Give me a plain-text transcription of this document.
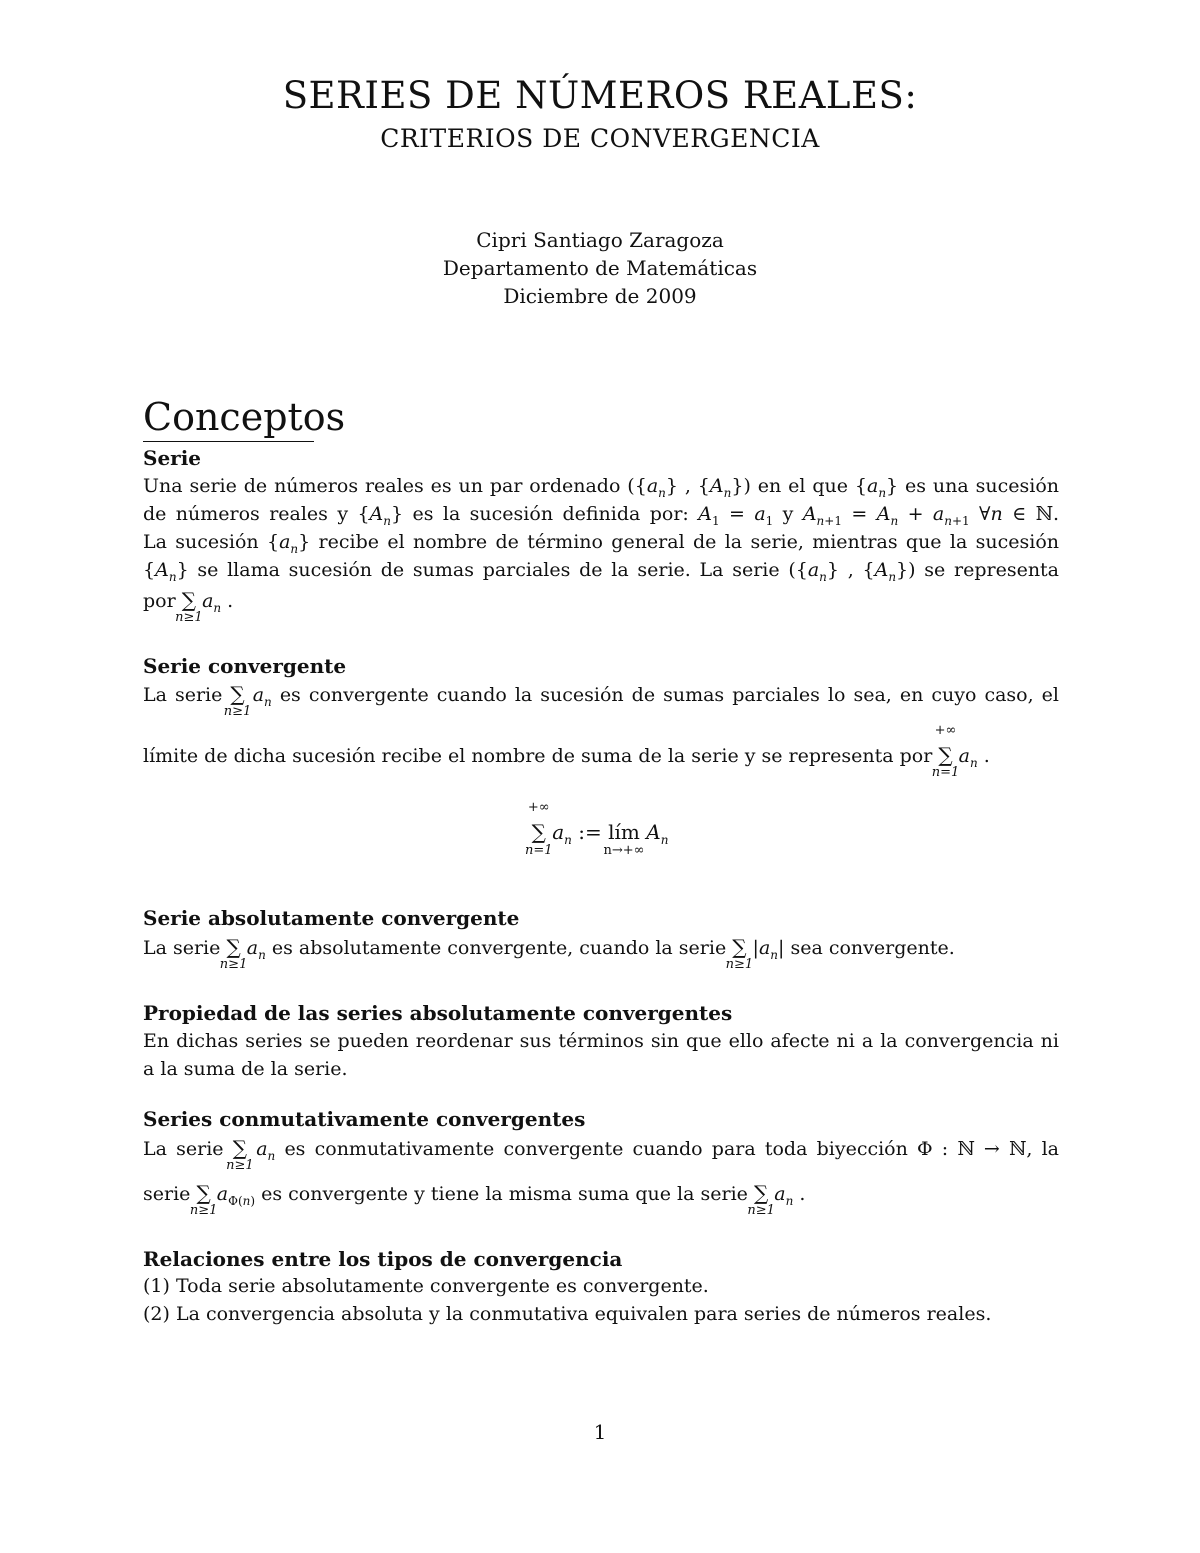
SERIES DE NÚMEROS REALES:
CRITERIOS DE CONVERGENCIA
Cipri Santiago Zaragoza
Departamento de Matemáticas
Diciembre de 2009
Conceptos
Serie
Una serie de números reales es un par ordenado ($\{a_n\}$ , $\{A_n\}$) en el que $\{a_n\}$ es una sucesión
de números reales y $\{A_n\}$ es la sucesión definida por: $A_1 = a_1$ y $A_{n+1} = A_n + a_{n+1}$ ∀n ∈ ℕ.
La sucesión $\{a_n\}$ recibe el nombre de término general de la serie, mientras que la sucesión
$\{A_n\}$ se llama sucesión de sumas parciales de la serie. La serie ($\{a_n\}$ , $\{A_n\}$) se representa
por ∑
n≥1
$a_n$ .
Serie convergente
La serie ∑
n≥1
$a_n$ es convergente cuando la sucesión de sumas parciales lo sea, en cuyo caso, el
límite de dicha sucesión recibe el nombre de suma de la serie y se representa por
+∞
∑
n=1
$a_n$ .
+∞
∑
n=1
$a_n$ := lím
n→+∞
$A_n$
Serie absolutamente convergente
La serie ∑
n≥1
$a_n$ es absolutamente convergente, cuando la serie ∑
n≥1
$|a_n|$ sea convergente.
Propiedad de las series absolutamente convergentes
En dichas series se pueden reordenar sus términos sin que ello afecte ni a la convergencia ni a la suma de la serie.
Series conmutativamente convergentes
La serie ∑
n≥1
$a_n$ es conmutativamente convergente cuando para toda biyección Φ : ℕ → ℕ, la
serie ∑
n≥1
$a_{\Phi(n)}$ es convergente y tiene la misma suma que la serie ∑
n≥1
$a_n$ .
Relaciones entre los tipos de convergencia
(1) Toda serie absolutamente convergente es convergente.
(2) La convergencia absoluta y la conmutativa equivalen para series de números reales.
1
